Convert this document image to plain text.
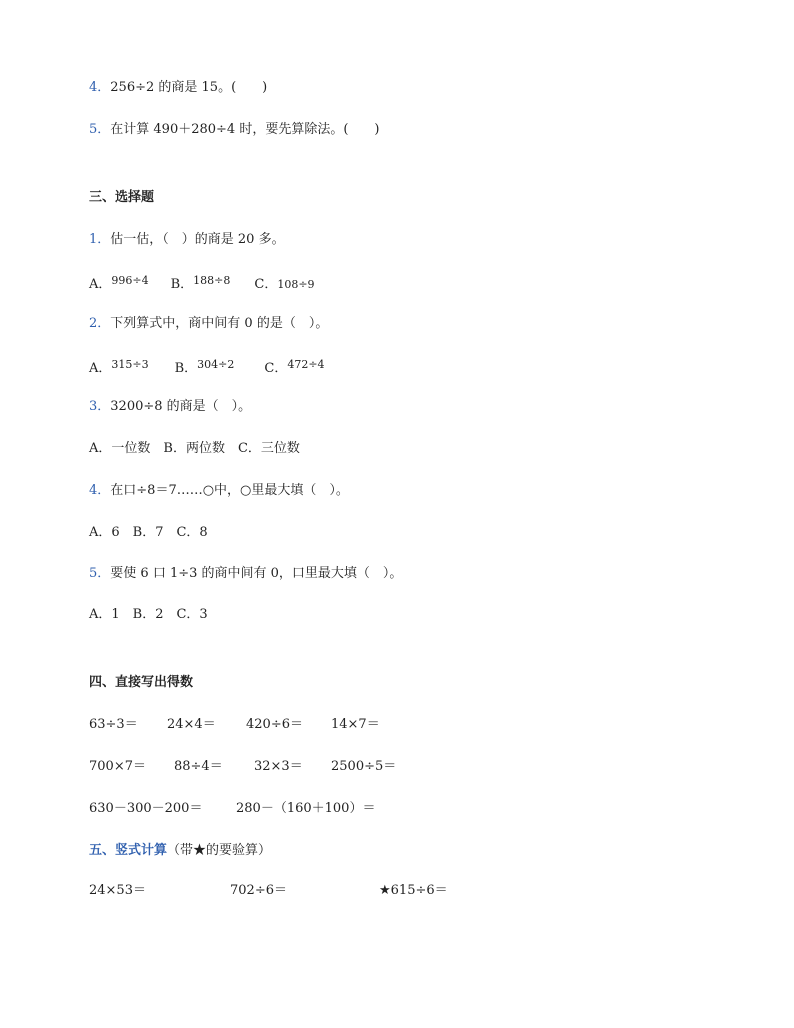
4．256÷2 的商是 15。(　　)
5．在计算 490＋280÷4 时，要先算除法。(　　)
三、选择题
1．估一估，（　）的商是 20 多。
A．996÷4 B．188÷8 C．108÷9
2．下列算式中，商中间有 0 的是（　）。
A．315÷3 B．304÷2 C．472÷4
3．3200÷8 的商是（　）。
A．一位数　B．两位数　C．三位数
4．在口÷8＝7……○中，○里最大填（　）。
A．6　B．7　C．8
5．要使 6 口 1÷3 的商中间有 0，口里最大填（　）。
A．1　B．2　C．3
四、直接写出得数
63÷3＝ 24×4＝ 420÷6＝ 14×7＝
700×7＝ 88÷4＝ 32×3＝ 2500÷5＝
630－300－200＝	280－（160＋100）＝
五、竖式计算（带★的要验算）
24×53＝	702÷6＝	★615÷6＝
